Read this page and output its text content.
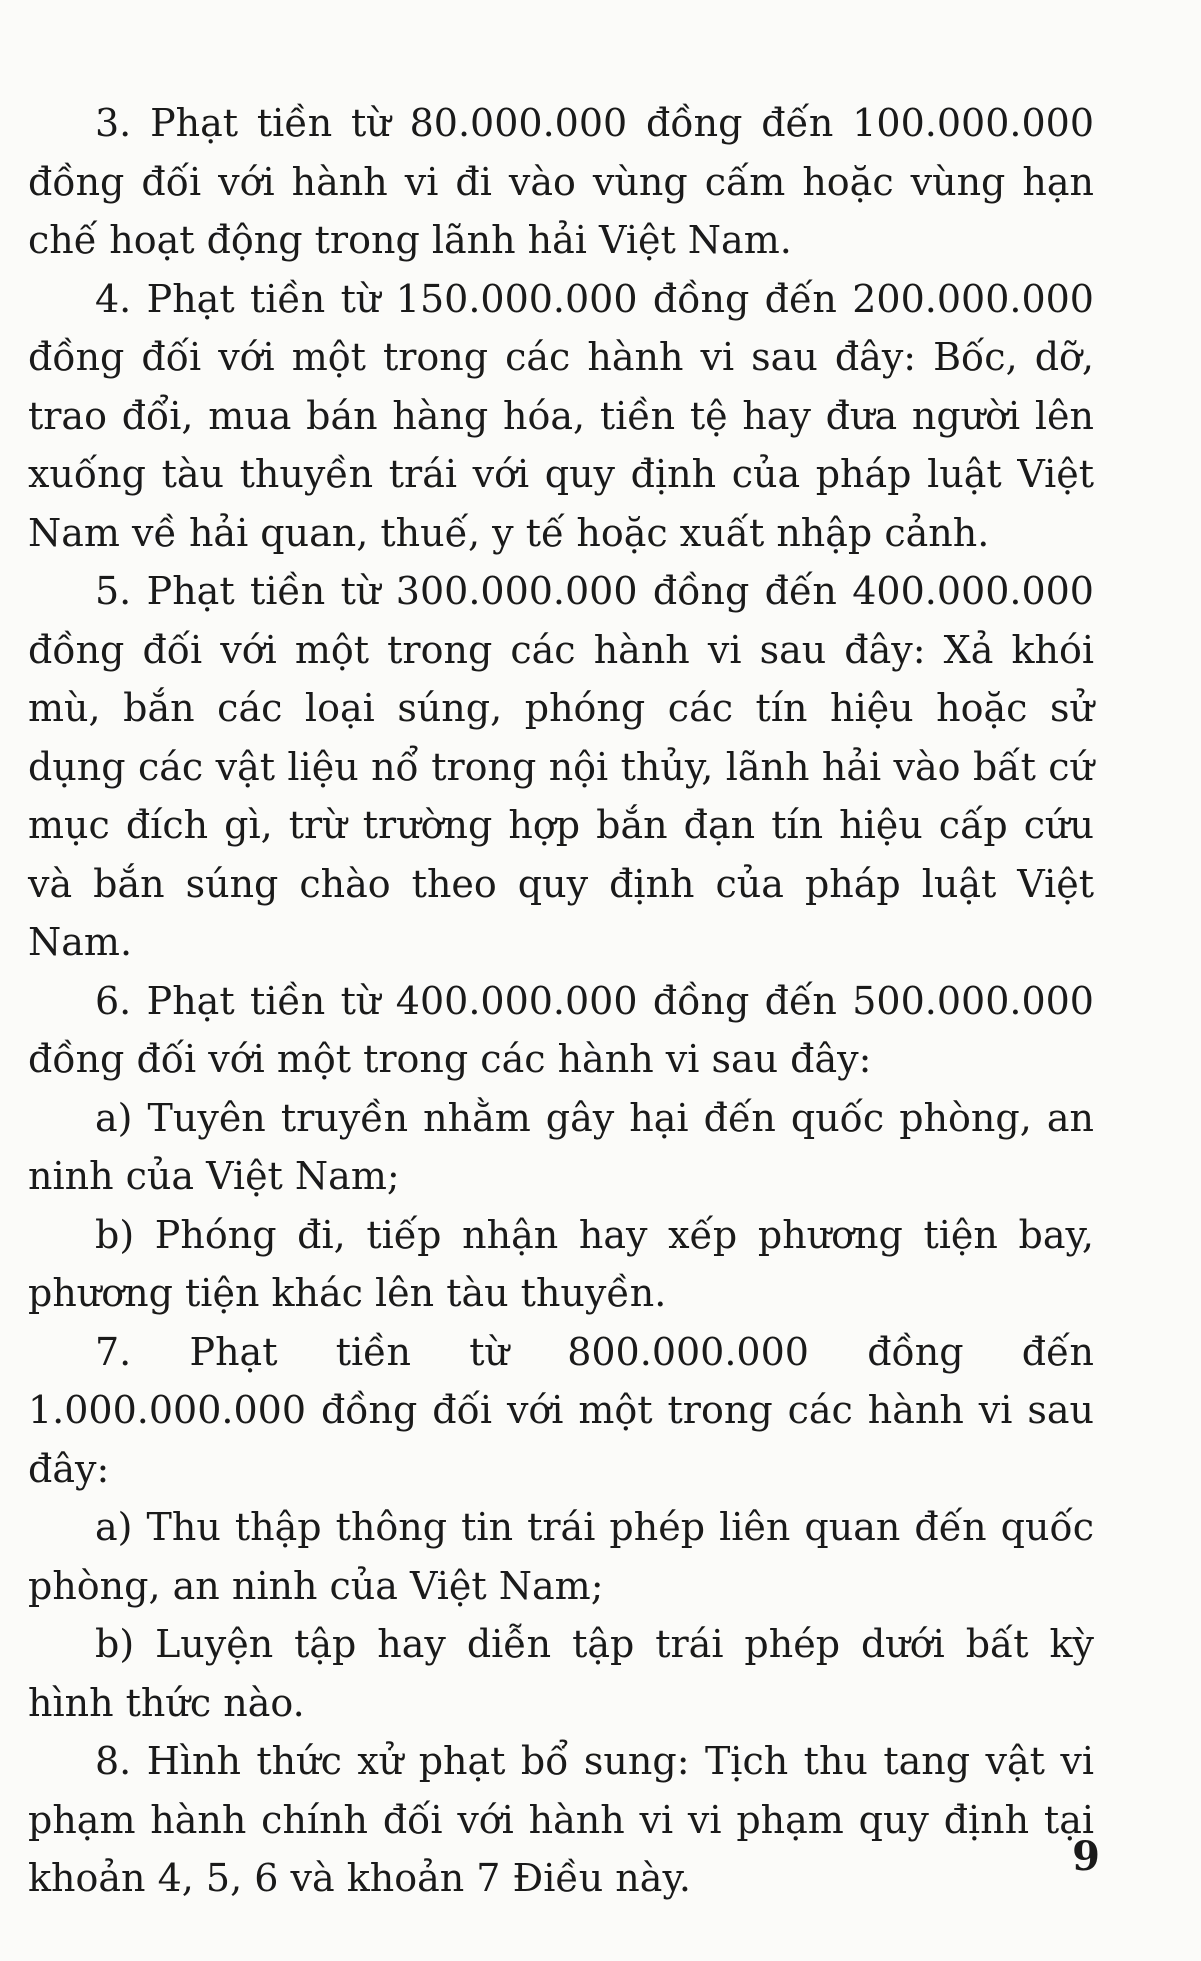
3. Phạt tiền từ 80.000.000 đồng đến 100.000.000 đồng đối với hành vi đi vào vùng cấm hoặc vùng hạn chế hoạt động trong lãnh hải Việt Nam.

4. Phạt tiền từ 150.000.000 đồng đến 200.000.000 đồng đối với một trong các hành vi sau đây: Bốc, dỡ, trao đổi, mua bán hàng hóa, tiền tệ hay đưa người lên xuống tàu thuyền trái với quy định của pháp luật Việt Nam về hải quan, thuế, y tế hoặc xuất nhập cảnh.

5. Phạt tiền từ 300.000.000 đồng đến 400.000.000 đồng đối với một trong các hành vi sau đây: Xả khói mù, bắn các loại súng, phóng các tín hiệu hoặc sử dụng các vật liệu nổ trong nội thủy, lãnh hải vào bất cứ mục đích gì, trừ trường hợp bắn đạn tín hiệu cấp cứu và bắn súng chào theo quy định của pháp luật Việt Nam.

6. Phạt tiền từ 400.000.000 đồng đến 500.000.000 đồng đối với một trong các hành vi sau đây:

a) Tuyên truyền nhằm gây hại đến quốc phòng, an ninh của Việt Nam;

b) Phóng đi, tiếp nhận hay xếp phương tiện bay, phương tiện khác lên tàu thuyền.

7. Phạt tiền từ 800.000.000 đồng đến 1.000.000.000 đồng đối với một trong các hành vi sau đây:

a) Thu thập thông tin trái phép liên quan đến quốc phòng, an ninh của Việt Nam;

b) Luyện tập hay diễn tập trái phép dưới bất kỳ hình thức nào.

8. Hình thức xử phạt bổ sung: Tịch thu tang vật vi phạm hành chính đối với hành vi vi phạm quy định tại khoản 4, 5, 6 và khoản 7 Điều này.	9
